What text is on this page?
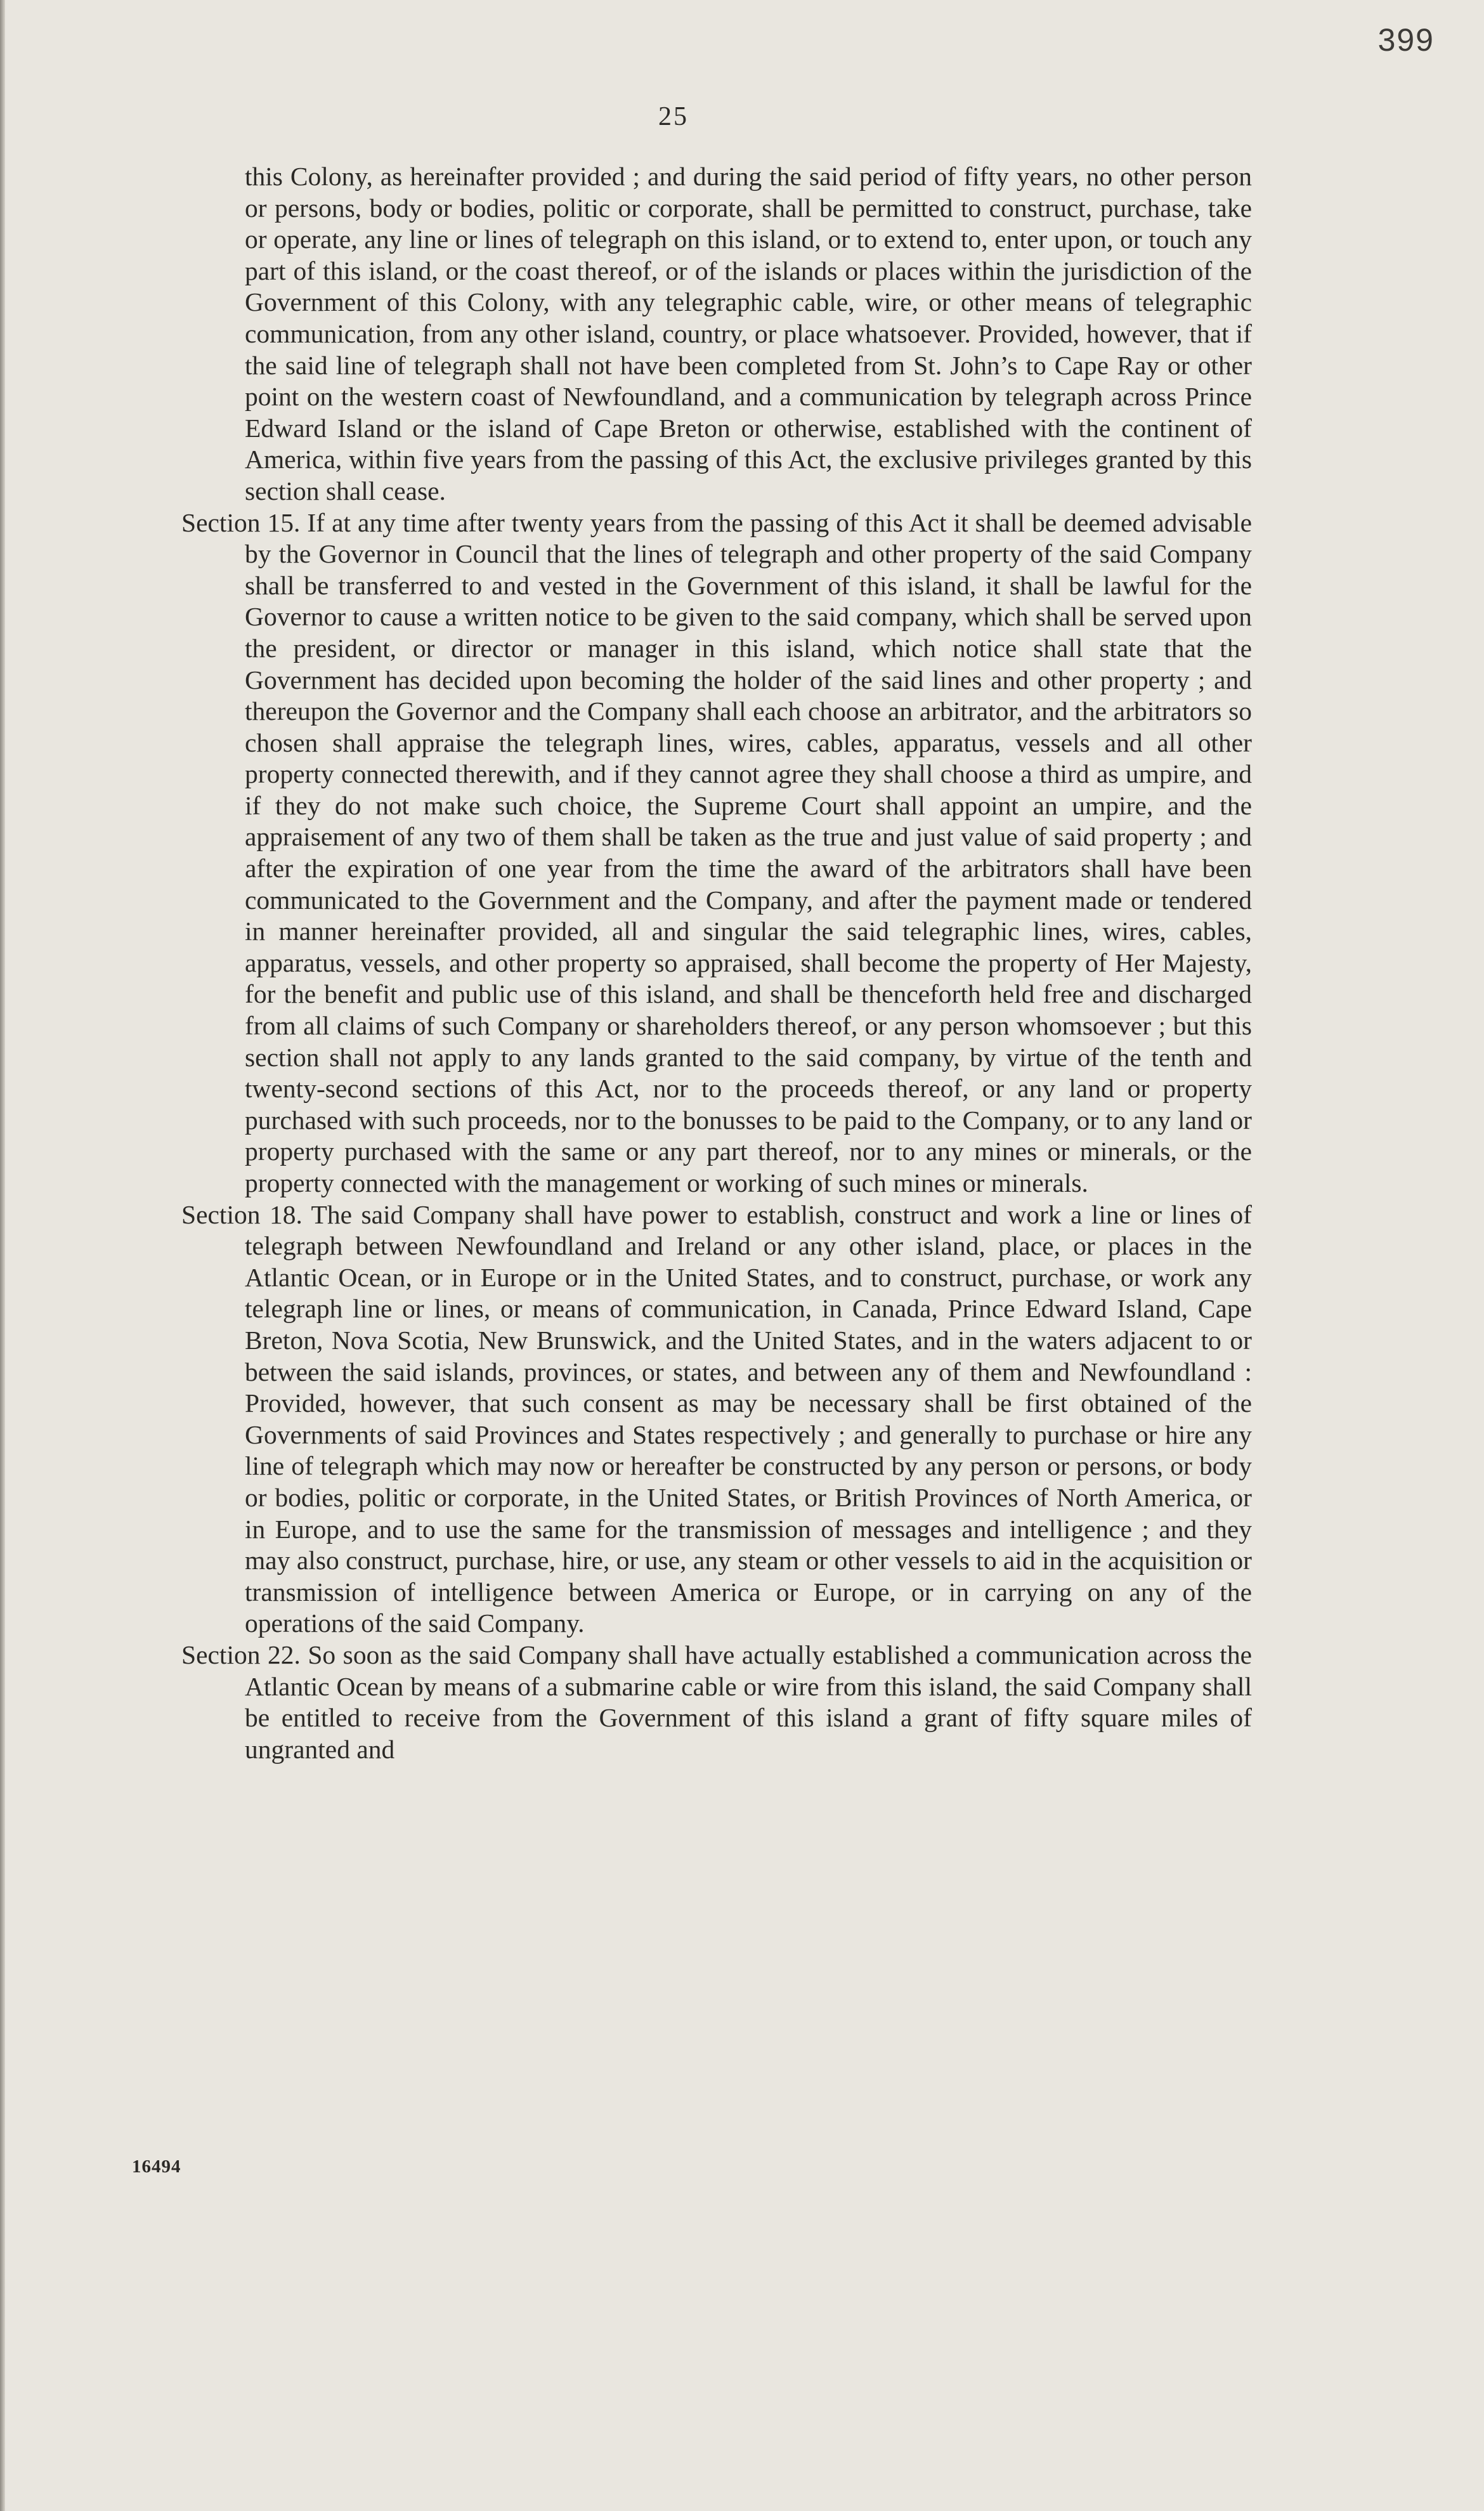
399
25

this Colony, as hereinafter provided ; and during the said period of fifty years, no other person or persons, body or bodies, politic or corporate, shall be permitted to construct, purchase, take or operate, any line or lines of telegraph on this island, or to extend to, enter upon, or touch any part of this island, or the coast thereof, or of the islands or places within the jurisdiction of the Government of this Colony, with any telegraphic cable, wire, or other means of telegraphic communication, from any other island, country, or place whatsoever. Provided, however, that if the said line of telegraph shall not have been completed from St. John’s to Cape Ray or other point on the western coast of Newfoundland, and a communication by telegraph across Prince Edward Island or the island of Cape Breton or otherwise, established with the continent of America, within five years from the passing of this Act, the exclusive privileges granted by this section shall cease.

Section 15. If at any time after twenty years from the passing of this Act it shall be deemed advisable by the Governor in Council that the lines of telegraph and other property of the said Company shall be transferred to and vested in the Government of this island, it shall be lawful for the Governor to cause a written notice to be given to the said company, which shall be served upon the president, or director or manager in this island, which notice shall state that the Government has decided upon becoming the holder of the said lines and other property ; and thereupon the Governor and the Company shall each choose an arbitrator, and the arbitrators so chosen shall appraise the telegraph lines, wires, cables, apparatus, vessels and all other property connected therewith, and if they cannot agree they shall choose a third as umpire, and if they do not make such choice, the Supreme Court shall appoint an umpire, and the appraisement of any two of them shall be taken as the true and just value of said property ; and after the expiration of one year from the time the award of the arbitrators shall have been communicated to the Government and the Company, and after the payment made or tendered in manner hereinafter provided, all and singular the said telegraphic lines, wires, cables, apparatus, vessels, and other property so appraised, shall become the property of Her Majesty, for the benefit and public use of this island, and shall be thenceforth held free and discharged from all claims of such Company or shareholders thereof, or any person whomsoever ; but this section shall not apply to any lands granted to the said company, by virtue of the tenth and twenty-second sections of this Act, nor to the proceeds thereof, or any land or property purchased with such proceeds, nor to the bonusses to be paid to the Company, or to any land or property purchased with the same or any part thereof, nor to any mines or minerals, or the property connected with the management or working of such mines or minerals.

Section 18. The said Company shall have power to establish, construct and work a line or lines of telegraph between Newfoundland and Ireland or any other island, place, or places in the Atlantic Ocean, or in Europe or in the United States, and to construct, purchase, or work any telegraph line or lines, or means of communication, in Canada, Prince Edward Island, Cape Breton, Nova Scotia, New Brunswick, and the United States, and in the waters adjacent to or between the said islands, provinces, or states, and between any of them and Newfoundland : Provided, however, that such consent as may be necessary shall be first obtained of the Governments of said Provinces and States respectively ; and generally to purchase or hire any line of telegraph which may now or hereafter be constructed by any person or persons, or body or bodies, politic or corporate, in the United States, or British Provinces of North America, or in Europe, and to use the same for the transmission of messages and intelligence ; and they may also construct, purchase, hire, or use, any steam or other vessels to aid in the acquisition or transmission of intelligence between America or Europe, or in carrying on any of the operations of the said Company.

Section 22. So soon as the said Company shall have actually established a communication across the Atlantic Ocean by means of a submarine cable or wire from this island, the said Company shall be entitled to receive from the Government of this island a grant of fifty square miles of ungranted and

16494
